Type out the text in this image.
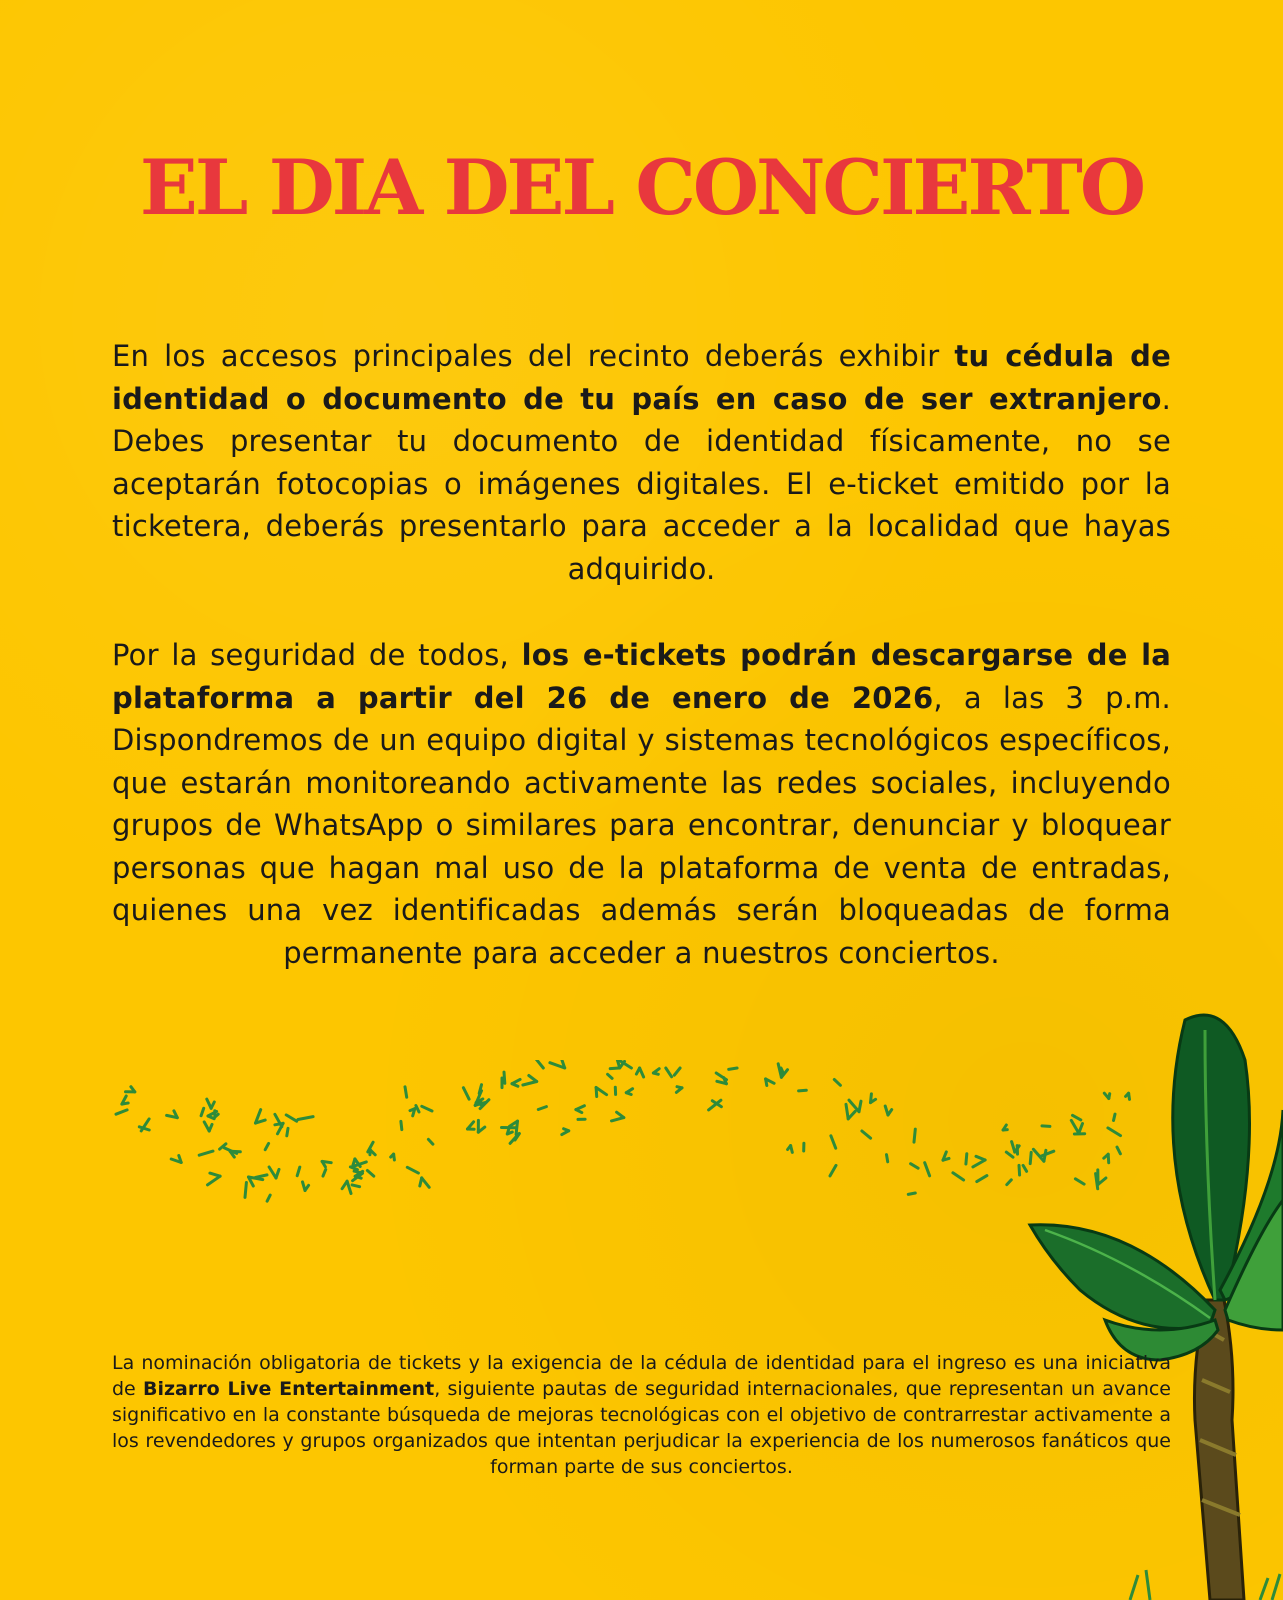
EL DIA DEL CONCIERTO

En los accesos principales del recinto deberás exhibir tu cédula de identidad o documento de tu país en caso de ser extranjero. Debes presentar tu documento de identidad físicamente, no se aceptarán fotocopias o imágenes digitales. El e-ticket emitido por la ticketera, deberás presentarlo para acceder a la localidad que hayas adquirido.

Por la seguridad de todos, los e-tickets podrán descargarse de la plataforma a partir del 26 de enero de 2026, a las 3 p.m. Dispondremos de un equipo digital y sistemas tecnológicos específicos, que estarán monitoreando activamente las redes sociales, incluyendo grupos de WhatsApp o similares para encontrar, denunciar y bloquear personas que hagan mal uso de la plataforma de venta de entradas, quienes una vez identificadas además serán bloqueadas de forma permanente para acceder a nuestros conciertos.

La nominación obligatoria de tickets y la exigencia de la cédula de identidad para el ingreso es una iniciativa de Bizarro Live Entertainment, siguiente pautas de seguridad internacionales, que representan un avance significativo en la constante búsqueda de mejoras tecnológicas con el objetivo de contrarrestar activamente a los revendedores y grupos organizados que intentan perjudicar la experiencia de los numerosos fanáticos que forman parte de sus conciertos.
